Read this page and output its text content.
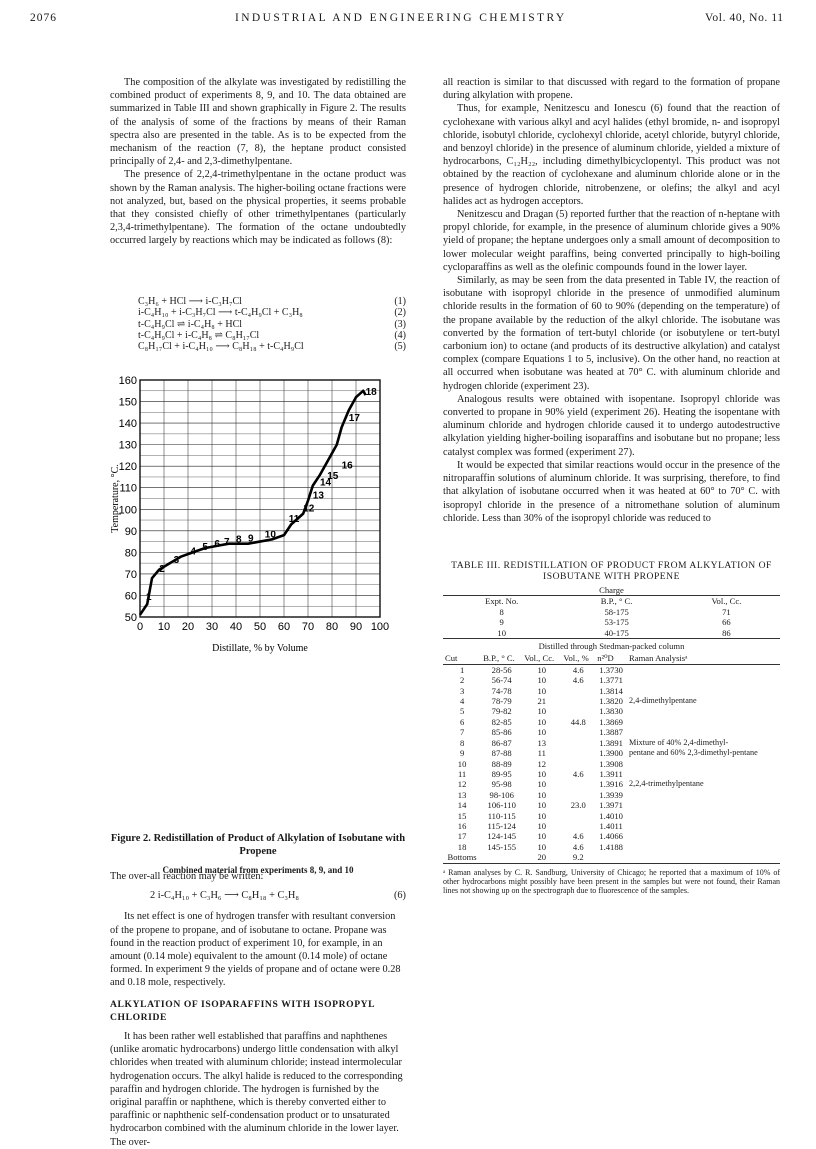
2076	INDUSTRIAL AND ENGINEERING CHEMISTRY	Vol. 40, No. 11

The composition of the alkylate was investigated by redistilling the combined product of experiments 8, 9, and 10. The data obtained are summarized in Table III and shown graphically in Figure 2. The results of the analysis of some of the fractions by means of their Raman spectra also are presented in the table. As is to be expected from the mechanism of the reaction (7, 8), the heptane product consisted principally of 2,4- and 2,3-dimethylpentane.

The presence of 2,2,4-trimethylpentane in the octane product was shown by the Raman analysis. The higher-boiling octane fractions were not analyzed, but, based on the physical properties, it seems probable that they consisted chiefly of other trimethylpentanes (particularly 2,3,4-trimethylpentane). The formation of the octane undoubtedly occurred largely by reactions which may be indicated as follows (8):

C₃H₆ + HCl ⟶ i-C₃H₇Cl	(1)
i-C₄H₁₀ + i-C₃H₇Cl ⟶ t-C₄H₉Cl + C₃H₈	(2)
t-C₄H₉Cl ⇌ i-C₄H₈ + HCl	(3)
t-C₄H₉Cl + i-C₄H₈ ⇌ C₈H₁₇Cl	(4)
C₈H₁₇Cl + i-C₄H₁₀ ⟶ C₈H₁₈ + t-C₄H₉Cl	(5)
0 10 20 30 40 50 60 70 80 90 100
50
60
70
80
90
100
110
120
130
140
150
160
Distillate, % by Volume
Temperature, °C.
1
2
3
4 5 6 7 8 9 10
11
12
13
14
15
16
17
18
Figure 2. Redistillation of Product of Alkylation of Isobutane with Propene
Combined material from experiments 8, 9, and 10

The over-all reaction may be written:

2 i-C₄H₁₀ + C₃H₆ ⟶ C₈H₁₈ + C₃H₈	(6)

Its net effect is one of hydrogen transfer with resultant conversion of the propene to propane, and of isobutane to octane. Propane was found in the reaction product of experiment 10, for example, in an amount (0.14 mole) equivalent to the amount (0.14 mole) of octane formed. In experiment 9 the yields of propane and of octane were 0.28 and 0.18 mole, respectively.

ALKYLATION OF ISOPARAFFINS WITH ISOPROPYL CHLORIDE

It has been rather well established that paraffins and naphthenes (unlike aromatic hydrocarbons) undergo little condensation with alkyl chlorides when treated with aluminum chloride; instead intermolecular hydrogenation occurs. The alkyl halide is reduced to the corresponding paraffin and hydrogen chloride. The hydrogen is furnished by the original paraffin or naphthene, which is thereby converted either to paraffinic or naphthenic self-condensation product or to unsaturated hydrocarbon combined with the aluminum chloride in the lower layer. The over-

all reaction is similar to that discussed with regard to the formation of propane during alkylation with propene.

Thus, for example, Nenitzescu and Ionescu (6) found that the reaction of cyclohexane with various alkyl and acyl halides (ethyl bromide, n- and isopropyl chloride, isobutyl chloride, cyclohexyl chloride, acetyl chloride, butyryl chloride, and benzoyl chloride) in the presence of aluminum chloride, yielded a mixture of hydrocarbons, C₁₂H₂₂, including dimethylbicyclopentyl. This product was not obtained by the reaction of cyclohexane and aluminum chloride alone or in the presence of hydrogen chloride, nitrobenzene, or olefins; the alkyl and acyl halides act as hydrogen acceptors.

Nenitzescu and Dragan (5) reported further that the reaction of n-heptane with propyl chloride, for example, in the presence of aluminum chloride gives a 90% yield of propane; the heptane undergoes only a small amount of decomposition to lower molecular weight paraffins, being converted principally to high-boiling cycloparaffins as well as the olefinic compounds found in the lower layer.

Similarly, as may be seen from the data presented in Table IV, the reaction of isobutane with isopropyl chloride in the presence of unmodified aluminum chloride results in the formation of 60 to 90% (depending on the temperature) of the propane available by the reduction of the alkyl chloride. The isobutane was converted by the formation of tert-butyl chloride (or isobutylene or tert-butyl carbonium ion) to octane (and products of its destructive alkylation) and catalyst complex (compare Equations 1 to 5, inclusive). On the other hand, no reaction at all occurred when isobutane was heated at 70° C. with aluminum chloride and hydrogen chloride (experiment 23).

Analogous results were obtained with isopentane. Isopropyl chloride was converted to propane in 90% yield (experiment 26). Heating the isopentane with aluminum chloride and hydrogen chloride caused it to undergo autodestructive alkylation yielding higher-boiling isoparaffins and isobutane but no propane; less catalyst complex was formed (experiment 27).

It would be expected that similar reactions would occur in the presence of the nitroparaffin solutions of aluminum chloride. It was surprising, therefore, to find that alkylation of isobutane occurred when it was heated at 60° to 70° C. with isopropyl chloride in the presence of a nitromethane solution of aluminum chloride. Less than 30% of the isopropyl chloride was reduced to

TABLE III. REDISTILLATION OF PRODUCT FROM ALKYLATION OF ISOBUTANE WITH PROPENE
Charge
Expt. No.	B.P., ° C.	Vol., Cc.
8	58-175	71
9	53-175	66
10	40-175	86
Distilled through Stedman-packed column
Cut	B.P., ° C.	Vol., Cc.	Vol., %	n²⁰D	Raman Analysisᵃ
1	28-56	10	4.6	1.3730	
2	56-74	10	4.6	1.3771	
3	74-78	10		1.3814	
4	78-79	21		1.3820	2,4-dimethylpentane
5	79-82	10		1.3830	
6	82-85	10	44.8	1.3869	
7	85-86	10		1.3887	
8	86-87	13		1.3891	Mixture of 40% 2,4-dimethyl-
9	87-88	11		1.3900	pentane and 60% 2,3-dimethyl-pentane
10	88-89	12		1.3908	
11	89-95	10	4.6	1.3911	
12	95-98	10		1.3916	2,2,4-trimethylpentane
13	98-106	10		1.3939	
14	106-110	10	23.0	1.3971	
15	110-115	10		1.4010	
16	115-124	10		1.4011	
17	124-145	10	4.6	1.4066	
18	145-155	10	4.6	1.4188	
Bottoms		20	9.2		
ᵃ Raman analyses by C. R. Sandburg, University of Chicago; he reported that a maximum of 10% of other hydrocarbons might possibly have been present in the samples but were not found, their Raman lines not showing up on the spectrograph due to fluorescence of the samples.
